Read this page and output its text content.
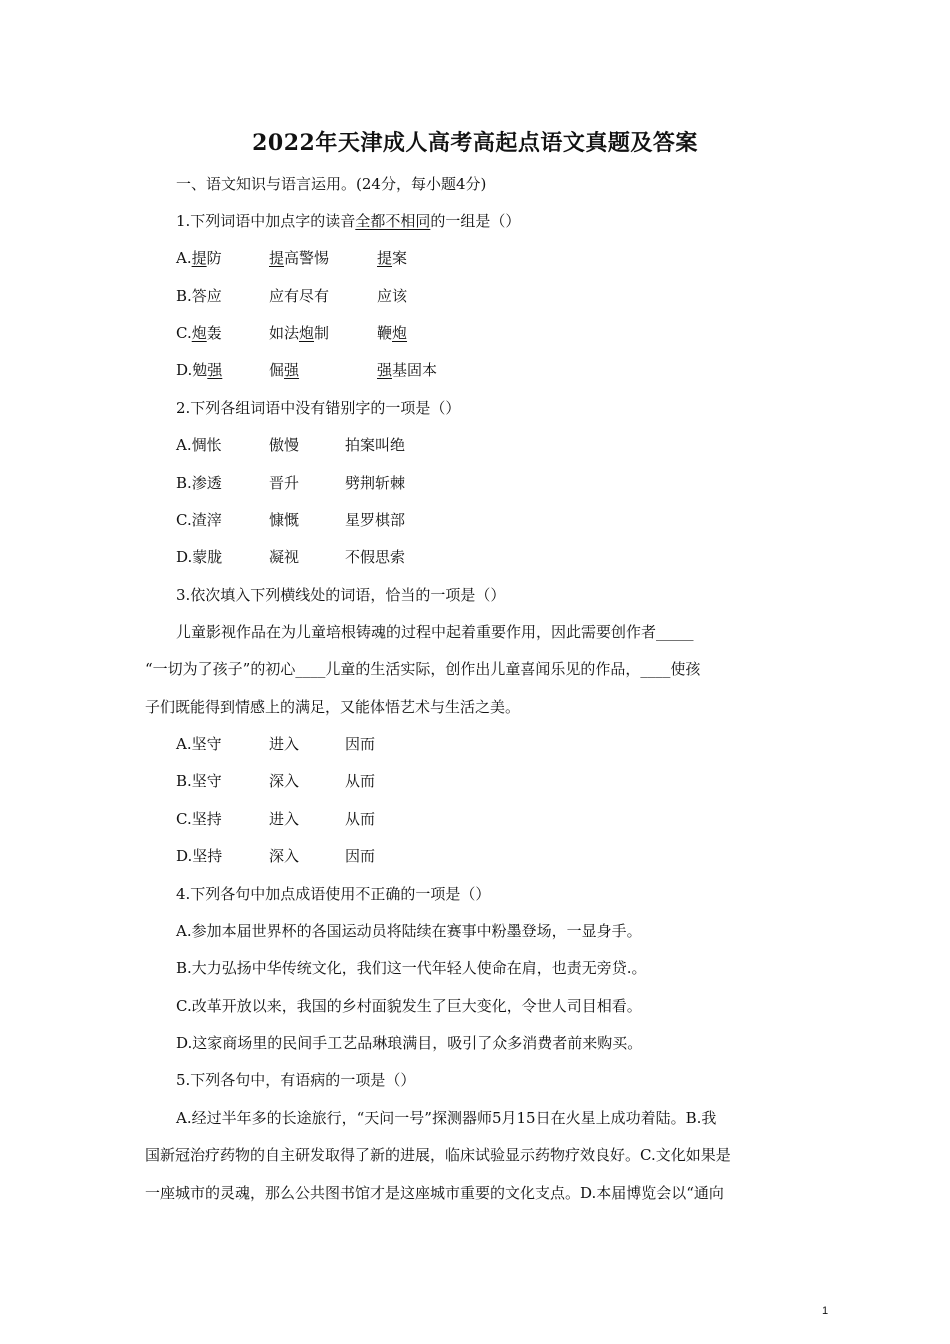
2022年天津成人高考高起点语文真题及答案
一、语文知识与语言运用。(24分，每小题4分)
1.下列词语中加点字的读音全都不相同的一组是（）
A.提防	提高警惕	提案
B.答应	应有尽有	应该
C.炮轰	如法炮制	鞭炮
D.勉强	倔强	强基固本
2.下列各组词语中没有错别字的一项是（）
A.惆怅	傲慢	拍案叫绝
B.渗透	晋升	劈荆斩棘
C.渣滓	慷慨	星罗棋部
D.蒙胧	凝视	不假思索
3.依次填入下列横线处的词语，恰当的一项是（）
儿童影视作品在为儿童培根铸魂的过程中起着重要作用，因此需要创作者_____
“一切为了孩子”的初心____儿童的生活实际，创作出儿童喜闻乐见的作品，____使孩
子们既能得到情感上的满足，又能体悟艺术与生活之美。
A.坚守	进入	因而
B.坚守	深入	从而
C.坚持	进入	从而
D.坚持	深入	因而
4.下列各句中加点成语使用不正确的一项是（）
A.参加本届世界杯的各国运动员将陆续在赛事中粉墨登场，一显身手。
B.大力弘扬中华传统文化，我们这一代年轻人使命在肩，也责无旁贷.。
C.改革开放以来，我国的乡村面貌发生了巨大变化，令世人司目相看。
D.这家商场里的民间手工艺品琳琅满目，吸引了众多消费者前来购买。
5.下列各句中，有语病的一项是（）
A.经过半年多的长途旅行，“天问一号”探测器师5月15日在火星上成功着陆。B.我
国新冠治疗药物的自主研发取得了新的进展，临床试验显示药物疗效良好。C.文化如果是
一座城市的灵魂，那么公共图书馆才是这座城市重要的文化支点。D.本届博览会以“通向
1
